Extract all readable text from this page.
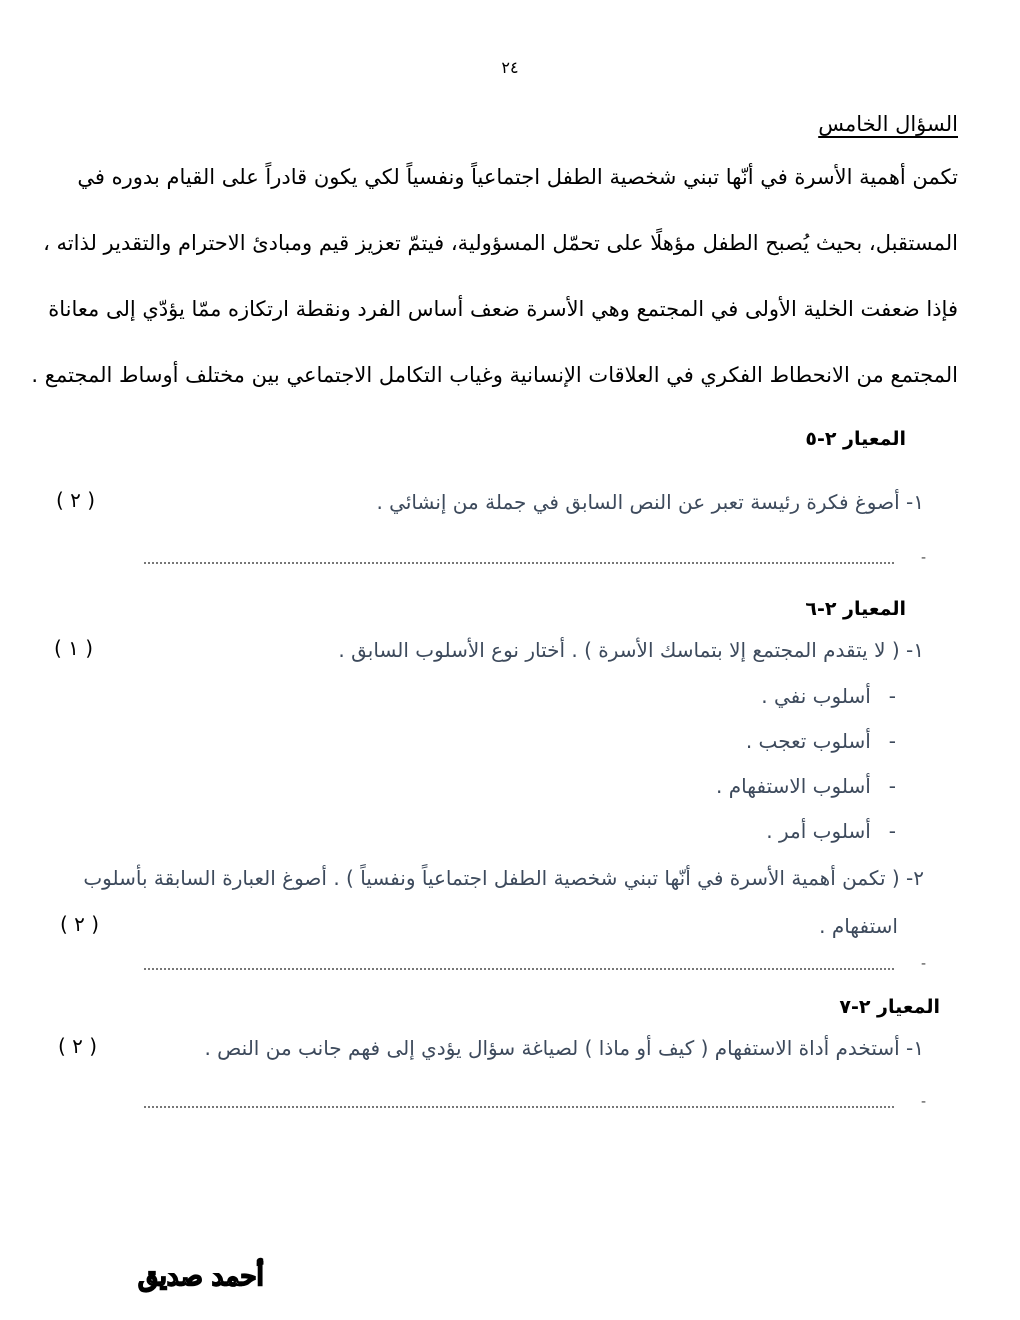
٢٤
السؤال الخامس
تكمن أهمية الأسرة في أنّها تبني شخصية الطفل اجتماعياً ونفسياً لكي يكون قادراً على القيام بدوره في
المستقبل، بحيث يُصبح الطفل مؤهلًا على تحمّل المسؤولية، فيتمّ تعزيز قيم ومبادئ الاحترام والتقدير لذاته ،
فإذا ضعفت الخلية الأولى في المجتمع وهي الأسرة ضعف أساس الفرد ونقطة ارتكازه ممّا يؤدّي إلى معاناة
المجتمع من الانحطاط الفكري في العلاقات الإنسانية وغياب التكامل الاجتماعي بين مختلف أوساط المجتمع .
المعيار ٢-٥
١- أصوغ فكرة رئيسة تعبر عن النص السابق في جملة من إنشائي .
( ٢ )
-
المعيار ٢-٦
١- ( لا يتقدم المجتمع إلا بتماسك الأسرة ) . أختار نوع الأسلوب السابق .
( ١ )
-أسلوب نفي .
-أسلوب تعجب .
-أسلوب الاستفهام .
-أسلوب أمر .
٢- ( تكمن أهمية الأسرة في أنّها تبني شخصية الطفل اجتماعياً ونفسياً ) . أصوغ العبارة السابقة بأسلوب
استفهام .
( ٢ )
-
المعيار ٢-٧
١- أستخدم أداة الاستفهام ( كيف أو ماذا ) لصياغة سؤال يؤدي إلى فهم جانب من النص .
( ٢ )
-
أحمد صديق
